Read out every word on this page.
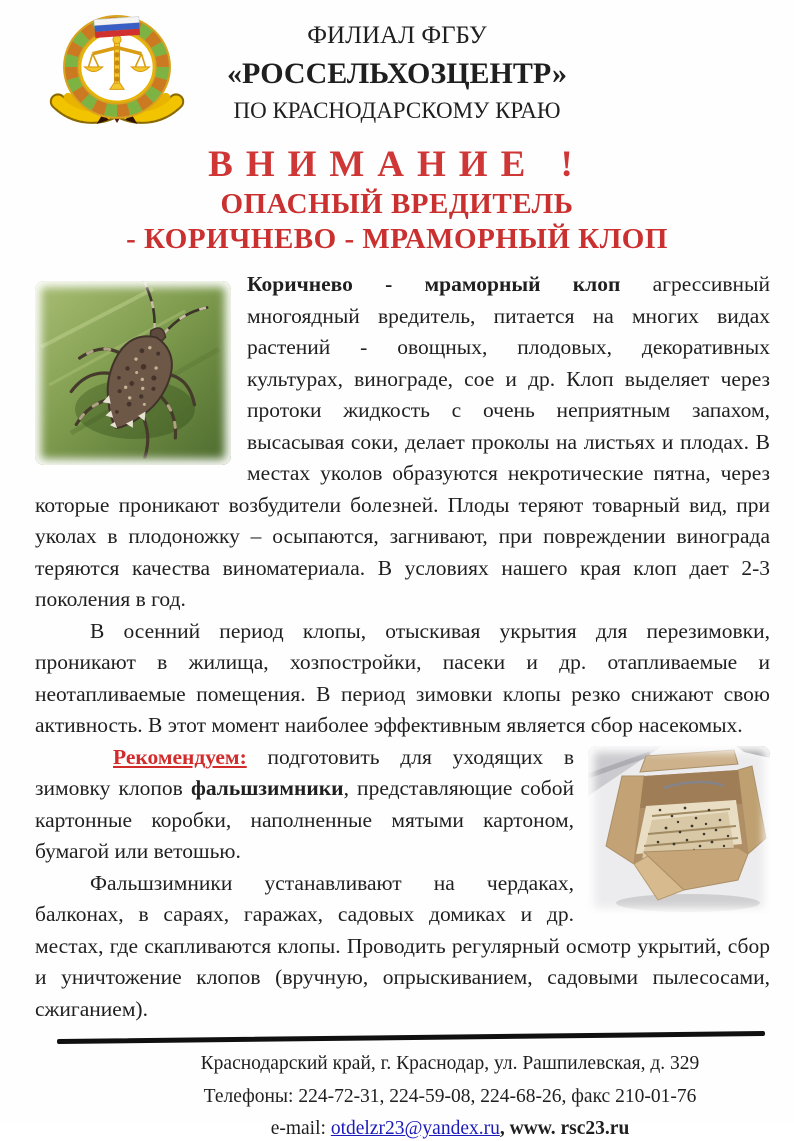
ФИЛИАЛ ФГБУ
«РОССЕЛЬХОЗЦЕНТР»
ПО КРАСНОДАРСКОМУ КРАЮ
ВНИМАНИЕ !
ОПАСНЫЙ ВРЕДИТЕЛЬ
- КОРИЧНЕВО - МРАМОРНЫЙ КЛОП

Коричнево - мраморный клоп агрессивный многоядный вредитель, питается на многих видах растений - овощных, плодовых, декоративных культурах, винограде, сое и др. Клоп выделяет через протоки жидкость с очень неприятным запахом, высасывая соки, делает проколы на листьях и плодах. В местах уколов образуются некротические пятна, через которые проникают возбудители болезней. Плоды теряют товарный вид, при уколах в плодоножку – осыпаются, загнивают, при повреждении винограда теряются качества виноматериала. В условиях нашего края клоп дает 2-3 поколения в год.

В осенний период клопы, отыскивая укрытия для перезимовки, проникают в жилища, хозпостройки, пасеки и др. отапливаемые и неотапливаемые помещения. В период зимовки клопы резко снижают свою активность. В этот момент наиболее эффективным является сбор насекомых.

Рекомендуем: подготовить для уходящих в зимовку клопов фальшзимники, представляющие собой картонные коробки, наполненные мятыми картоном, бумагой или ветошью.

Фальшзимники устанавливают на чердаках, балконах, в сараях, гаражах, садовых домиках и др. местах, где скапливаются клопы. Проводить регулярный осмотр укрытий, сбор и уничтожение клопов (вручную, опрыскиванием, садовыми пылесосами, сжиганием).

Краснодарский край, г. Краснодар, ул. Рашпилевская, д. 329
Телефоны: 224-72-31, 224-59-08, 224-68-26, факс 210-01-76
e-mail: otdelzr23@yandex.ru, www. rsc23.ru
